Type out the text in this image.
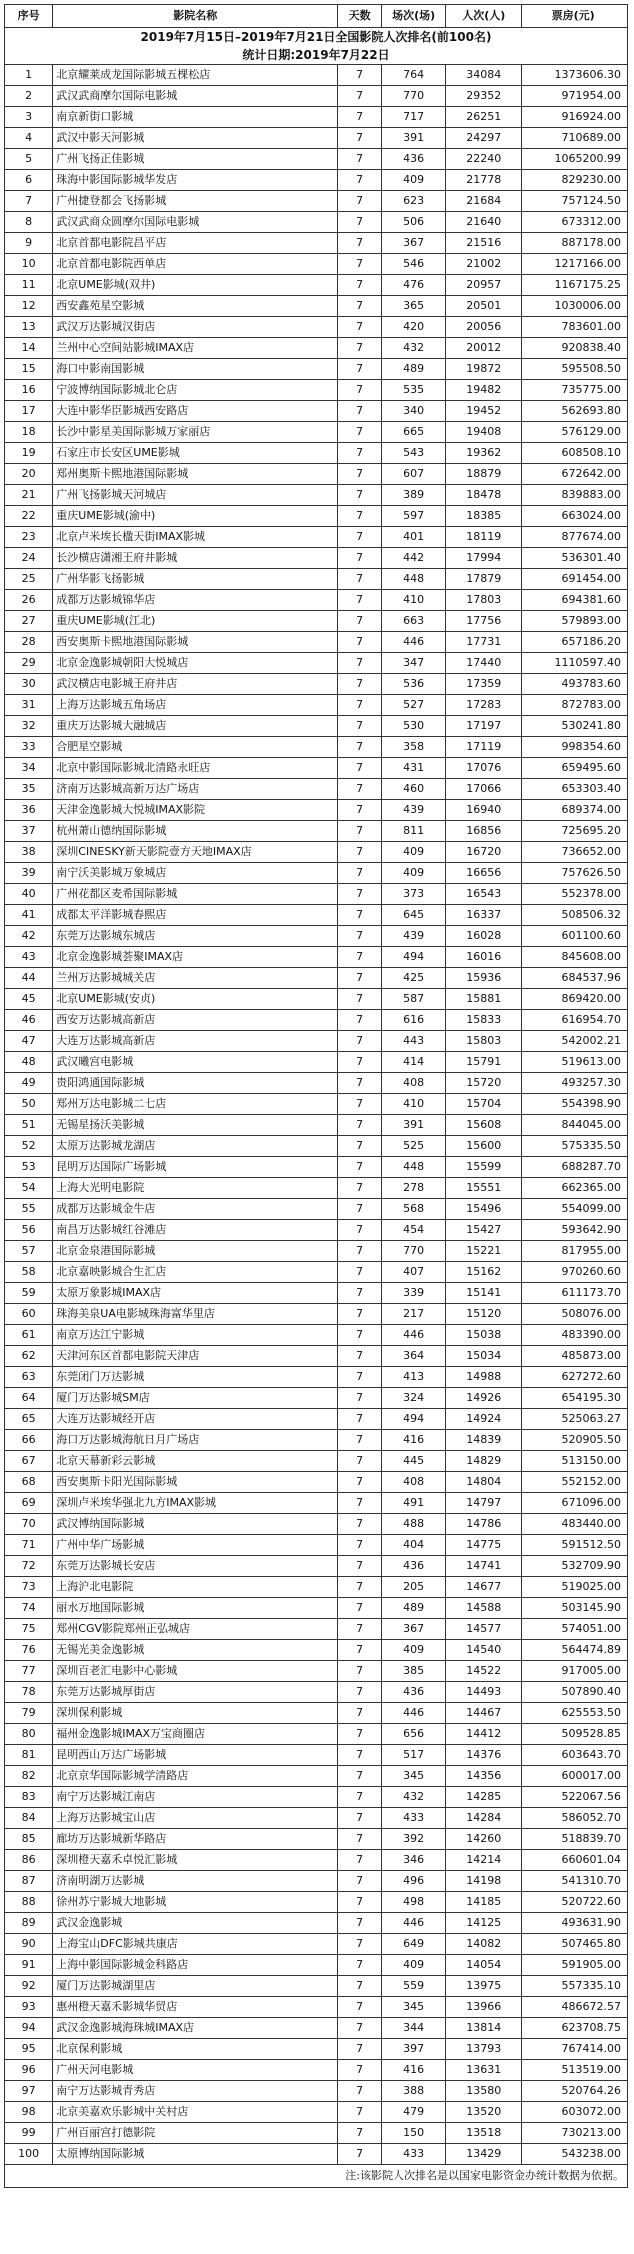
2019年7月15日–2019年7月21日全国影院人次排名(前100名)					
统计日期:2019年7月22日					
序号	影院名称	天数	场次(场)	人次(人)	票房(元)
1	北京耀莱成龙国际影城五棵松店	7	764	34084	1373606.30
2	武汉武商摩尔国际电影城	7	770	29352	971954.00
3	南京新街口影城	7	717	26251	916924.00
4	武汉中影天河影城	7	391	24297	710689.00
5	广州飞扬正佳影城	7	436	22240	1065200.99
6	珠海中影国际影城华发店	7	409	21778	829230.00
7	广州捷登都会飞扬影城	7	623	21684	757124.50
8	武汉武商众圆摩尔国际电影城	7	506	21640	673312.00
9	北京首都电影院昌平店	7	367	21516	887178.00
10	北京首都电影院西单店	7	546	21002	1217166.00
11	北京UME影城(双井)	7	476	20957	1167175.25
12	西安鑫苑星空影城	7	365	20501	1030006.00
13	武汉万达影城汉街店	7	420	20056	783601.00
14	兰州中心空间站影城IMAX店	7	432	20012	920838.40
15	海口中影南国影城	7	489	19872	595508.50
16	宁波博纳国际影城北仑店	7	535	19482	735775.00
17	大连中影华臣影城西安路店	7	340	19452	562693.80
18	长沙中影星美国际影城万家丽店	7	665	19408	576129.00
19	石家庄市长安区UME影城	7	543	19362	608508.10
20	郑州奥斯卡熙地港国际影城	7	607	18879	672642.00
21	广州飞扬影城天河城店	7	389	18478	839883.00
22	重庆UME影城(渝中)	7	597	18385	663024.00
23	北京卢米埃长楹天街IMAX影城	7	401	18119	877674.00
24	长沙横店潇湘王府井影城	7	442	17994	536301.40
25	广州华影飞扬影城	7	448	17879	691454.00
26	成都万达影城锦华店	7	410	17803	694381.60
27	重庆UME影城(江北)	7	663	17756	579893.00
28	西安奥斯卡熙地港国际影城	7	446	17731	657186.20
29	北京金逸影城朝阳大悦城店	7	347	17440	1110597.40
30	武汉横店电影城王府井店	7	536	17359	493783.60
31	上海万达影城五角场店	7	527	17283	872783.00
32	重庆万达影城大融城店	7	530	17197	530241.80
33	合肥星空影城	7	358	17119	998354.60
34	北京中影国际影城北清路永旺店	7	431	17076	659495.60
35	济南万达影城高新万达广场店	7	460	17066	653303.40
36	天津金逸影城大悦城IMAX影院	7	439	16940	689374.00
37	杭州萧山德纳国际影城	7	811	16856	725695.20
38	深圳CINESKY新天影院壹方天地IMAX店	7	409	16720	736652.00
39	南宁沃美影城万象城店	7	409	16656	757626.50
40	广州花都区麦希国际影城	7	373	16543	552378.00
41	成都太平洋影城春熙店	7	645	16337	508506.32
42	东莞万达影城东城店	7	439	16028	601100.60
43	北京金逸影城荟聚IMAX店	7	494	16016	845608.00
44	兰州万达影城城关店	7	425	15936	684537.96
45	北京UME影城(安贞)	7	587	15881	869420.00
46	西安万达影城高新店	7	616	15833	616954.70
47	大连万达影城高新店	7	443	15803	542002.21
48	武汉曦宫电影城	7	414	15791	519613.00
49	贵阳鸿通国际影城	7	408	15720	493257.30
50	郑州万达电影城二七店	7	410	15704	554398.90
51	无锡星扬沃美影城	7	391	15608	844045.00
52	太原万达影城龙湖店	7	525	15600	575335.50
53	昆明万达国际广场影城	7	448	15599	688287.70
54	上海大光明电影院	7	278	15551	662365.00
55	成都万达影城金牛店	7	568	15496	554099.00
56	南昌万达影城红谷滩店	7	454	15427	593642.90
57	北京金泉港国际影城	7	770	15221	817955.00
58	北京嘉映影城合生汇店	7	407	15162	970260.60
59	太原万象影城IMAX店	7	339	15141	611173.70
60	珠海美泉UA电影城珠海富华里店	7	217	15120	508076.00
61	南京万达江宁影城	7	446	15038	483390.00
62	天津河东区首都电影院天津店	7	364	15034	485873.00
63	东莞闭门万达影城	7	413	14988	627272.60
64	厦门万达影城SM店	7	324	14926	654195.30
65	大连万达影城经开店	7	494	14924	525063.27
66	海口万达影城海航日月广场店	7	416	14839	520905.50
67	北京天幕新彩云影城	7	445	14829	513150.00
68	西安奥斯卡阳光国际影城	7	408	14804	552152.00
69	深圳卢米埃华强北九方IMAX影城	7	491	14797	671096.00
70	武汉博纳国际影城	7	488	14786	483440.00
71	广州中华广场影城	7	404	14775	591512.50
72	东莞万达影城长安店	7	436	14741	532709.90
73	上海沪北电影院	7	205	14677	519025.00
74	丽水万地国际影城	7	489	14588	503145.90
75	郑州CGV影院郑州正弘城店	7	367	14577	574051.00
76	无锡光美金逸影城	7	409	14540	564474.89
77	深圳百老汇电影中心影城	7	385	14522	917005.00
78	东莞万达影城厚街店	7	436	14493	507890.40
79	深圳保利影城	7	446	14467	625553.50
80	福州金逸影城IMAX万宝商圈店	7	656	14412	509528.85
81	昆明西山万达广场影城	7	517	14376	603643.70
82	北京京华国际影城学清路店	7	345	14356	600017.00
83	南宁万达影城江南店	7	432	14285	522067.56
84	上海万达影城宝山店	7	433	14284	586052.70
85	廊坊万达影城新华路店	7	392	14260	518839.70
86	深圳橙天嘉禾卓悦汇影城	7	346	14214	660601.04
87	济南明湖万达影城	7	496	14198	541310.70
88	徐州苏宁影城大地影城	7	498	14185	520722.60
89	武汉金逸影城	7	446	14125	493631.90
90	上海宝山DFC影城共康店	7	649	14082	507465.80
91	上海中影国际影城金科路店	7	409	14054	591905.00
92	厦门万达影城湖里店	7	559	13975	557335.10
93	惠州橙天嘉禾影城华贸店	7	345	13966	486672.57
94	武汉金逸影城海珠城IMAX店	7	344	13814	623708.75
95	北京保利影城	7	397	13793	767414.00
96	广州天河电影城	7	416	13631	513519.00
97	南宁万达影城青秀店	7	388	13580	520764.26
98	北京美嘉欢乐影城中关村店	7	479	13520	603072.00
99	广州百丽宫打德影院	7	150	13518	730213.00
100	太原博纳国际影城	7	433	13429	543238.00
注:该影院人次排名是以国家电影资金办统计数据为依据。					
